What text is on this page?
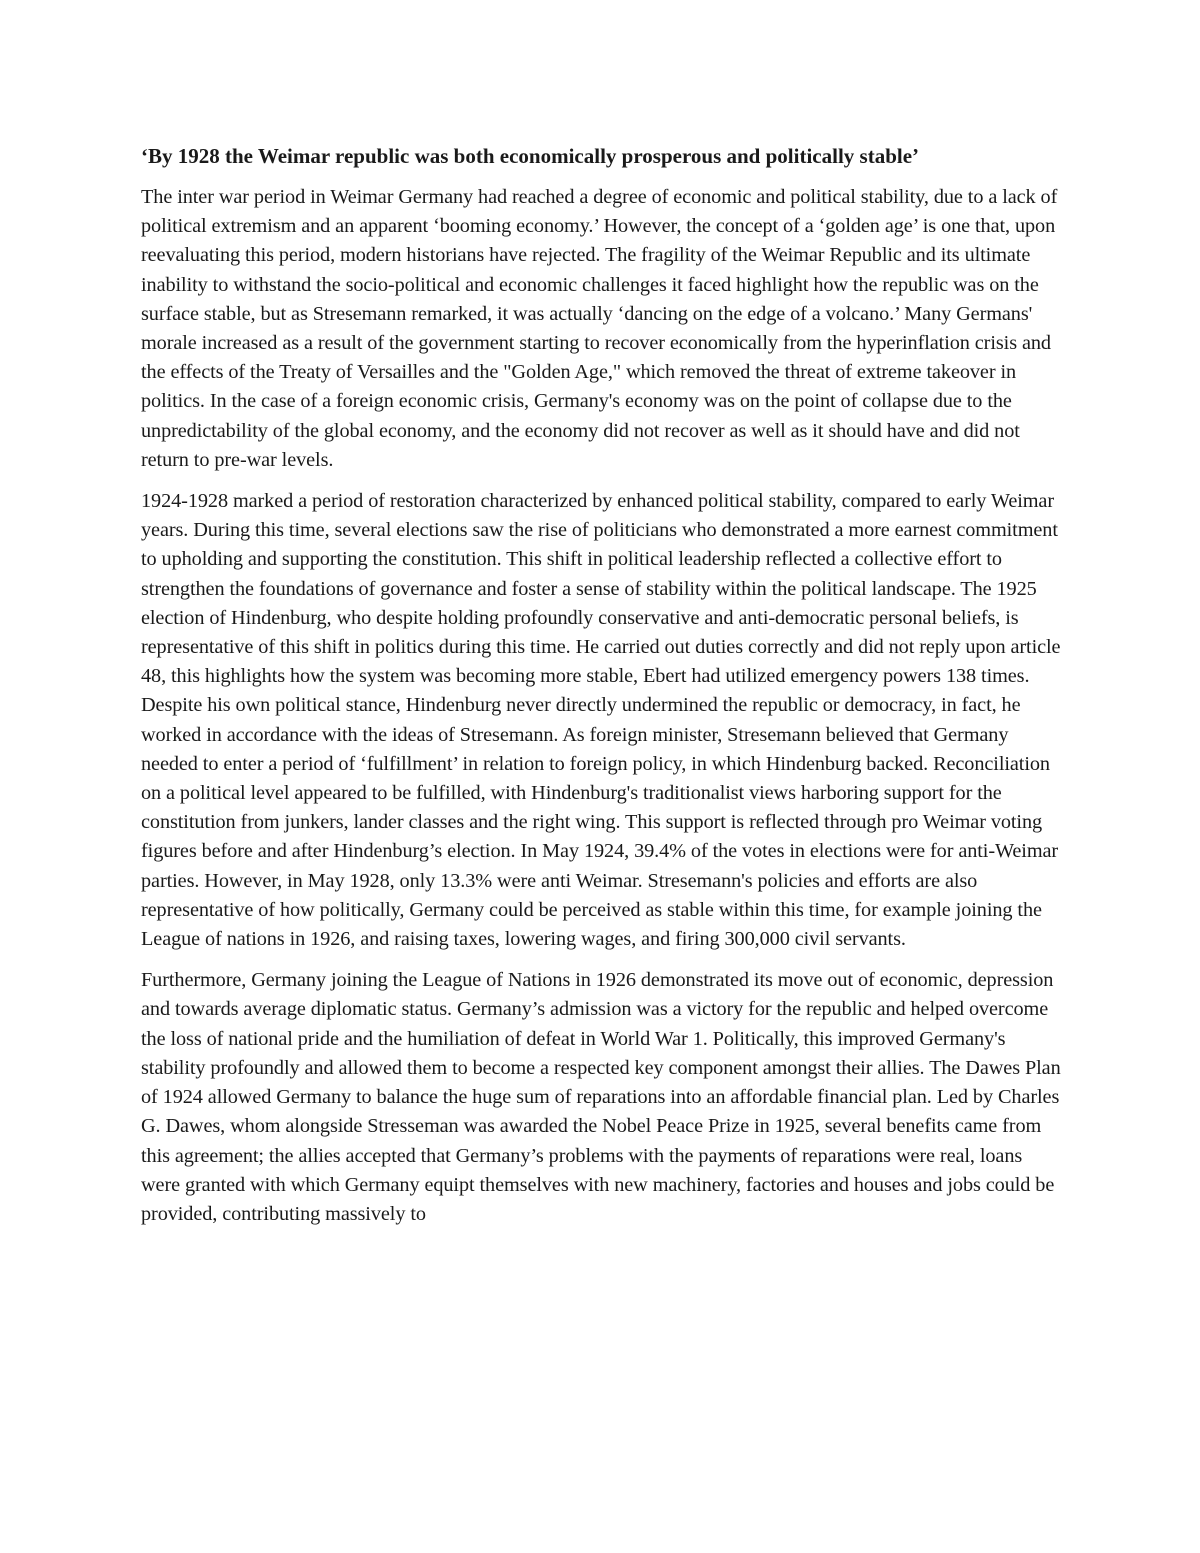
‘By 1928 the Weimar republic was both economically prosperous and politically stable’

The inter war period in Weimar Germany had reached a degree of economic and political stability, due to a lack of political extremism and an apparent ‘booming economy.’ However, the concept of a ‘golden age’ is one that, upon reevaluating this period, modern historians have rejected. The fragility of the Weimar Republic and its ultimate inability to withstand the socio-political and economic challenges it faced highlight how the republic was on the surface stable, but as Stresemann remarked, it was actually ‘dancing on the edge of a volcano.’ Many Germans' morale increased as a result of the government starting to recover economically from the hyperinflation crisis and the effects of the Treaty of Versailles and the "Golden Age," which removed the threat of extreme takeover in politics. In the case of a foreign economic crisis, Germany's economy was on the point of collapse due to the unpredictability of the global economy, and the economy did not recover as well as it should have and did not return to pre-war levels.

1924-1928 marked a period of restoration characterized by enhanced political stability, compared to early Weimar years. During this time, several elections saw the rise of politicians who demonstrated a more earnest commitment to upholding and supporting the constitution. This shift in political leadership reflected a collective effort to strengthen the foundations of governance and foster a sense of stability within the political landscape. The 1925 election of Hindenburg, who despite holding profoundly conservative and anti-democratic personal beliefs, is representative of this shift in politics during this time. He carried out duties correctly and did not reply upon article 48, this highlights how the system was becoming more stable, Ebert had utilized emergency powers 138 times. Despite his own political stance, Hindenburg never directly undermined the republic or democracy, in fact, he worked in accordance with the ideas of Stresemann. As foreign minister, Stresemann believed that Germany needed to enter a period of ‘fulfillment’ in relation to foreign policy, in which Hindenburg backed. Reconciliation on a political level appeared to be fulfilled, with Hindenburg's traditionalist views harboring support for the constitution from junkers, lander classes and the right wing. This support is reflected through pro Weimar voting figures before and after Hindenburg’s election. In May 1924, 39.4% of the votes in elections were for anti-Weimar parties. However, in May 1928, only 13.3% were anti Weimar. Stresemann's policies and efforts are also representative of how politically, Germany could be perceived as stable within this time, for example joining the League of nations in 1926, and raising taxes, lowering wages, and firing 300,000 civil servants.

Furthermore, Germany joining the League of Nations in 1926 demonstrated its move out of economic, depression and towards average diplomatic status. Germany’s admission was a victory for the republic and helped overcome the loss of national pride and the humiliation of defeat in World War 1. Politically, this improved Germany's stability profoundly and allowed them to become a respected key component amongst their allies. The Dawes Plan of 1924 allowed Germany to balance the huge sum of reparations into an affordable financial plan. Led by Charles G. Dawes, whom alongside Stresseman was awarded the Nobel Peace Prize in 1925, several benefits came from this agreement; the allies accepted that Germany’s problems with the payments of reparations were real, loans were granted with which Germany equipt themselves with new machinery, factories and houses and jobs could be provided, contributing massively to
